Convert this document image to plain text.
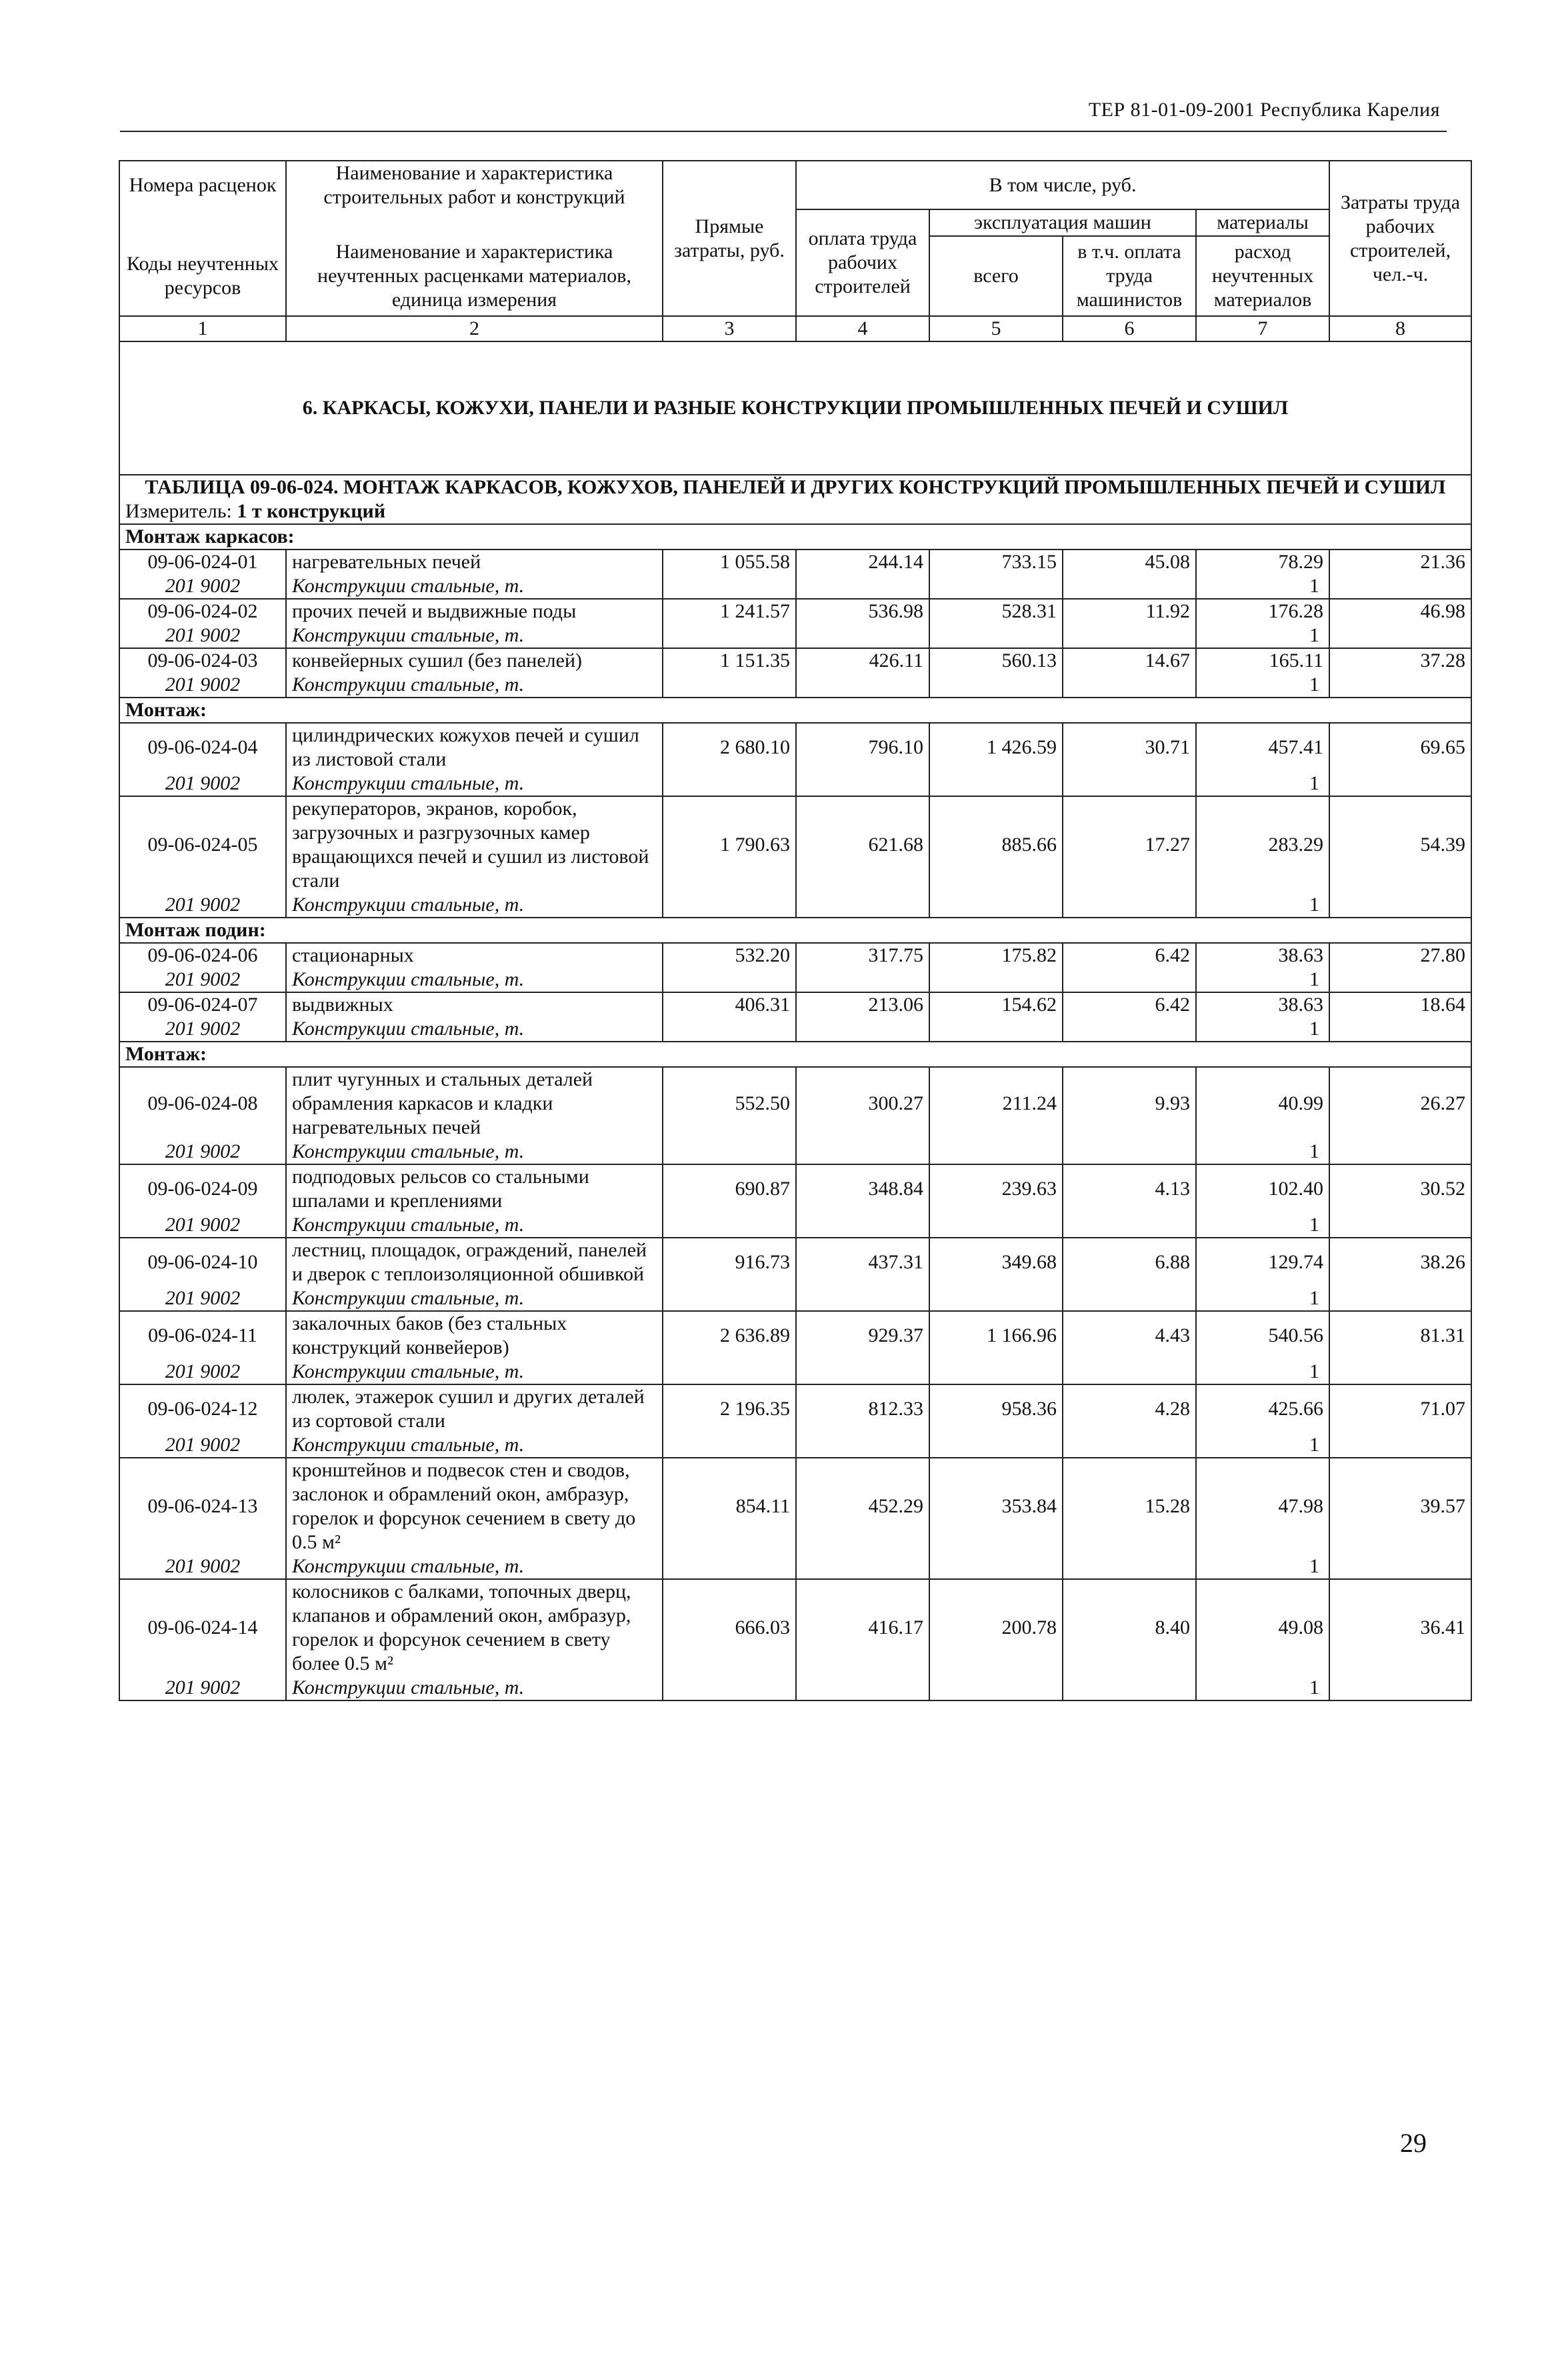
ТЕР 81-01-09-2001 Республика Карелия
Номера расценок	Наименование и характеристика строительных работ и конструкций	Прямые затраты, руб.	В том числе, руб.				Затраты труда рабочих строителей, чел.-ч.
			оплата труда рабочих строителей	эксплуатация машин		материалы	
Коды неучтенных ресурсов	Наименование и характеристика неучтенных расценками материалов, единица измерения			всего	в т.ч. оплата труда машинистов	расход неучтенных материалов	
1	2	3	4	5	6	7	8
6. КАРКАСЫ, КОЖУХИ, ПАНЕЛИ И РАЗНЫЕ КОНСТРУКЦИИ ПРОМЫШЛЕННЫХ ПЕЧЕЙ И СУШИЛ							
ТАБЛИЦА 09-06-024. МОНТАЖ КАРКАСОВ, КОЖУХОВ, ПАНЕЛЕЙ И ДРУГИХ КОНСТРУКЦИЙ ПРОМЫШЛЕННЫХ ПЕЧЕЙ И СУШИЛ							
Измеритель: 1 т конструкций							
Монтаж каркасов:							
09-06-024-01	нагревательных печей	1 055.58	244.14	733.15	45.08	78.29	21.36
201 9002	Конструкции стальные, т.					1	
09-06-024-02	прочих печей и выдвижные поды	1 241.57	536.98	528.31	11.92	176.28	46.98
201 9002	Конструкции стальные, т.					1	
09-06-024-03	конвейерных сушил (без панелей)	1 151.35	426.11	560.13	14.67	165.11	37.28
201 9002	Конструкции стальные, т.					1	
Монтаж:							
09-06-024-04	цилиндрических кожухов печей и сушил из листовой стали	2 680.10	796.10	1 426.59	30.71	457.41	69.65
201 9002	Конструкции стальные, т.					1	
09-06-024-05	рекуператоров, экранов, коробок, загрузочных и разгрузочных камер вращающихся печей и сушил из листовой стали	1 790.63	621.68	885.66	17.27	283.29	54.39
201 9002	Конструкции стальные, т.					1	
Монтаж подин:							
09-06-024-06	стационарных	532.20	317.75	175.82	6.42	38.63	27.80
201 9002	Конструкции стальные, т.					1	
09-06-024-07	выдвижных	406.31	213.06	154.62	6.42	38.63	18.64
201 9002	Конструкции стальные, т.					1	
Монтаж:							
09-06-024-08	плит чугунных и стальных деталей обрамления каркасов и кладки нагревательных печей	552.50	300.27	211.24	9.93	40.99	26.27
201 9002	Конструкции стальные, т.					1	
09-06-024-09	подподовых рельсов со стальными шпалами и креплениями	690.87	348.84	239.63	4.13	102.40	30.52
201 9002	Конструкции стальные, т.					1	
09-06-024-10	лестниц, площадок, ограждений, панелей и дверок с теплоизоляционной обшивкой	916.73	437.31	349.68	6.88	129.74	38.26
201 9002	Конструкции стальные, т.					1	
09-06-024-11	закалочных баков (без стальных конструкций конвейеров)	2 636.89	929.37	1 166.96	4.43	540.56	81.31
201 9002	Конструкции стальные, т.					1	
09-06-024-12	люлек, этажерок сушил и других деталей из сортовой стали	2 196.35	812.33	958.36	4.28	425.66	71.07
201 9002	Конструкции стальные, т.					1	
09-06-024-13	кронштейнов и подвесок стен и сводов, заслонок и обрамлений окон, амбразур, горелок и форсунок сечением в свету до 0.5 м²	854.11	452.29	353.84	15.28	47.98	39.57
201 9002	Конструкции стальные, т.					1	
09-06-024-14	колосников с балками, топочных дверц, клапанов и обрамлений окон, амбразур, горелок и форсунок сечением в свету более 0.5 м²	666.03	416.17	200.78	8.40	49.08	36.41
201 9002	Конструкции стальные, т.					1	
29
